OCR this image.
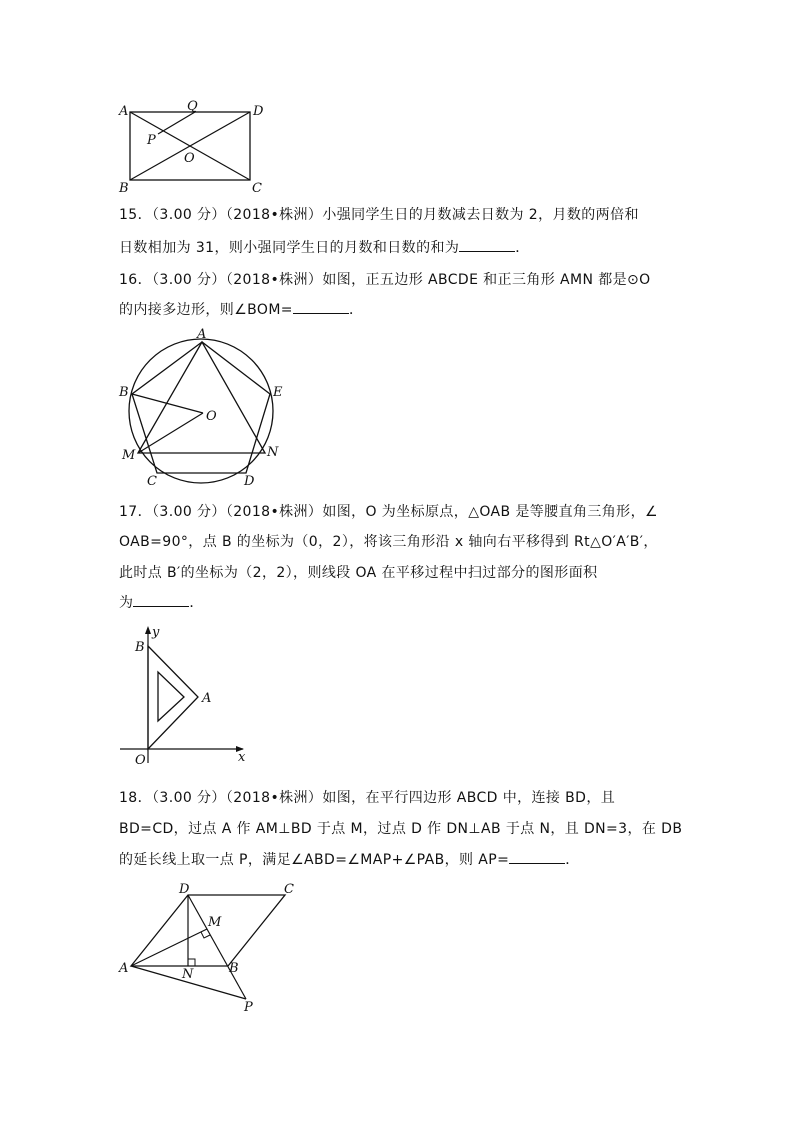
A	Q	D
P
O
B	C
15．（3.00 分）（2018•株洲）小强同学生日的月数减去日数为 2，月数的两倍和
日数相加为 31，则小强同学生日的月数和日数的和为	．
16．（3.00 分）（2018•株洲）如图，正五边形 ABCDE 和正三角形 AMN 都是⊙O
的内接多边形，则∠BOM=	．
A
B	E
O
M	N
C	D
17．（3.00 分）（2018•株洲）如图，O 为坐标原点，△OAB 是等腰直角三角形，∠
OAB=90°，点 B 的坐标为（0，2），将该三角形沿 x 轴向右平移得到 Rt△O′A′B′，
此时点 B′的坐标为（2，2），则线段 OA 在平移过程中扫过部分的图形面积
为	．
y
B
A
O	x
18．（3.00 分）（2018•株洲）如图，在平行四边形 ABCD 中，连接 BD，且
BD=CD，过点 A 作 AM⊥BD 于点 M，过点 D 作 DN⊥AB 于点 N，且 DN=3，在 DB
的延长线上取一点 P，满足∠ABD=∠MAP+∠PAB，则 AP=	．
D	C
M
A	N	B
P
